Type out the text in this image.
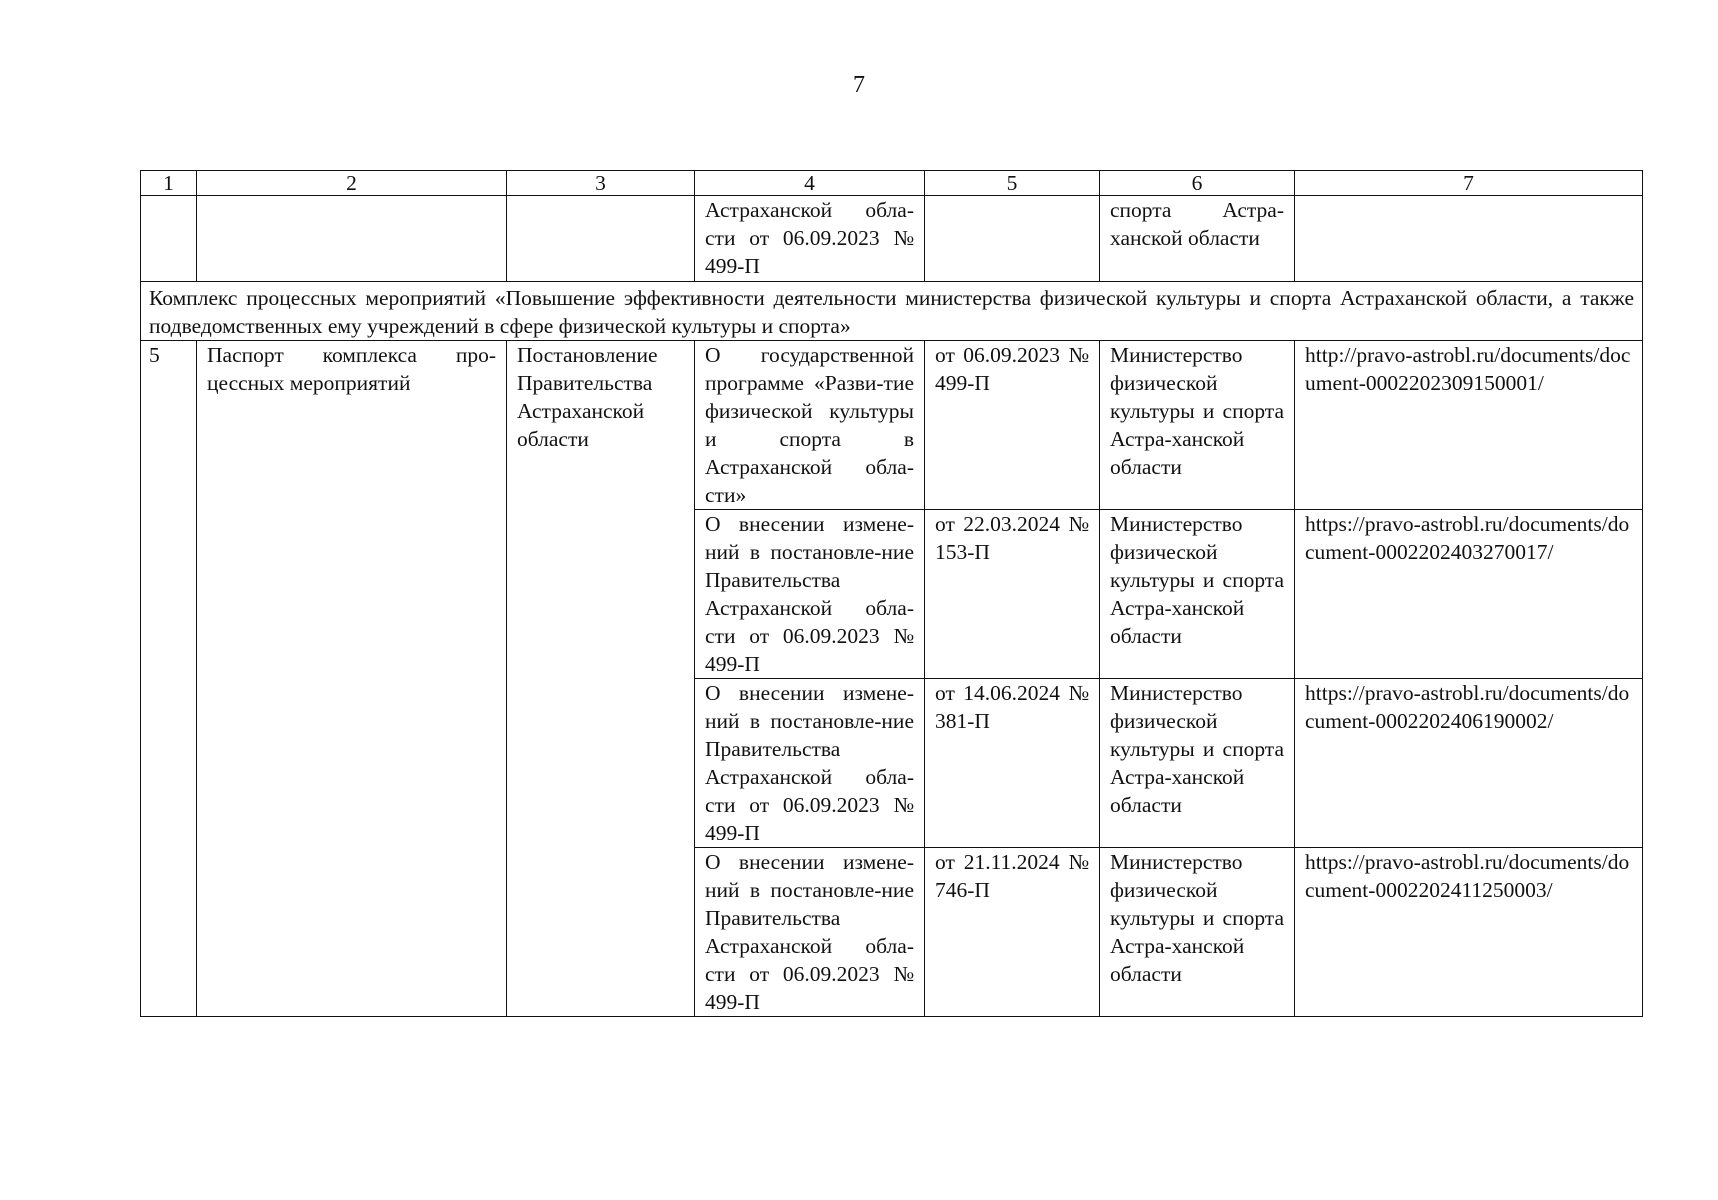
7
1	2	3	4	5	6	7
			Астраханской обла-сти от 06.09.2023 № 499-П		спорта Астра-ханской области	
Комплекс процессных мероприятий «Повышение эффективности деятельности министерства физической культуры и спорта Астраханской области, а также подведомственных ему учреждений в сфере физической культуры и спорта»						
5	Паспорт комплекса про-цессных мероприятий	Постановление Правительства Астраханской области	О государственной программе «Разви-тие физической культуры и спорта в Астраханской обла-сти»	от 06.09.2023 № 499-П	Министерство физической культуры и спорта Астра-ханской области	http://pravo-astrobl.ru/documents/document-0002202309150001/
			О внесении измене-ний в постановле-ние Правительства Астраханской обла-сти от 06.09.2023 № 499-П	от 22.03.2024 № 153-П	Министерство физической культуры и спорта Астра-ханской области	https://pravo-astrobl.ru/documents/document-0002202403270017/
			О внесении измене-ний в постановле-ние Правительства Астраханской обла-сти от 06.09.2023 № 499-П	от 14.06.2024 № 381-П	Министерство физической культуры и спорта Астра-ханской области	https://pravo-astrobl.ru/documents/document-0002202406190002/
			О внесении измене-ний в постановле-ние Правительства Астраханской обла-сти от 06.09.2023 № 499-П	от 21.11.2024 № 746-П	Министерство физической культуры и спорта Астра-ханской области	https://pravo-astrobl.ru/documents/document-0002202411250003/
